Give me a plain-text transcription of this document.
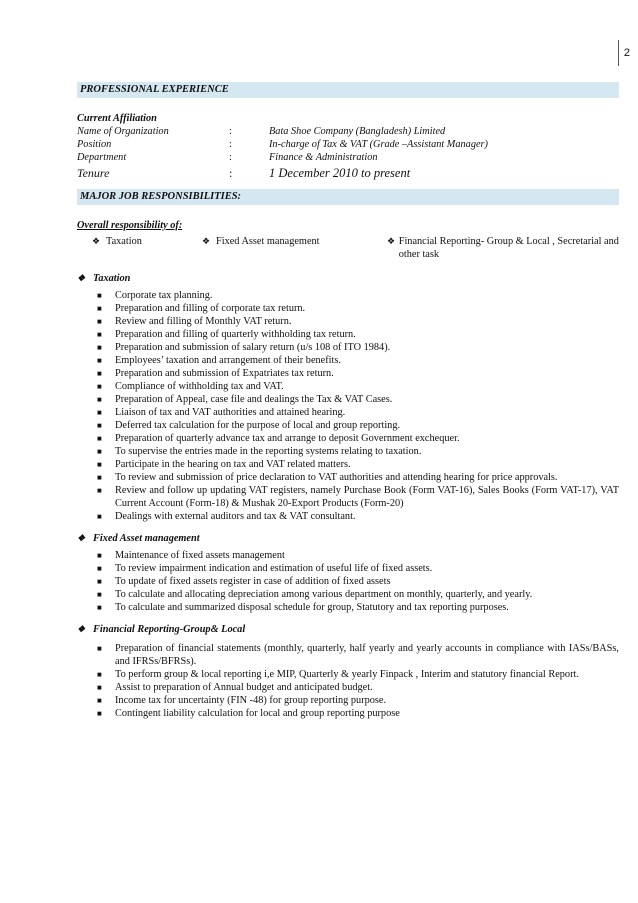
2
PROFESSIONAL EXPERIENCE
Current Affiliation
Name of Organization	:	Bata Shoe Company (Bangladesh) Limited
Position	:	In-charge of Tax & VAT (Grade –Assistant Manager)
Department	:	Finance & Administration
Tenure	:	1 December 2010 to present
MAJOR JOB RESPONSIBILITIES:
Overall responsibility of:
❖ Taxation	❖ Fixed Asset management	❖ Financial Reporting- Group & Local , Secretarial and other task
❖ Taxation
■	Corporate tax planning.
■	Preparation and filling of corporate tax return.
■	Review and filling of Monthly VAT return.
■	Preparation and filling of quarterly withholding tax return.
■	Preparation and submission of salary return (u/s 108 of ITO 1984).
■	Employees’ taxation and arrangement of their benefits.
■	Preparation and submission of Expatriates tax return.
■	Compliance of withholding tax and VAT.
■	Preparation of Appeal, case file and dealings the Tax & VAT Cases.
■	Liaison of tax and VAT authorities and attained hearing.
■	Deferred tax calculation for the purpose of local and group reporting.
■	Preparation of quarterly advance tax and arrange to deposit Government exchequer.
■	To supervise the entries made in the reporting systems relating to taxation.
■	Participate in the hearing on tax and VAT related matters.
■	To review and submission of price declaration to VAT authorities and attending hearing for price approvals.
■	Review and follow up updating VAT registers, namely Purchase Book (Form VAT-16), Sales Books (Form VAT-17), VAT Current Account (Form-18) & Mushak 20-Export Products (Form-20)
■	Dealings with external auditors and tax & VAT consultant.
❖ Fixed Asset management
■	Maintenance of fixed assets management
■	To review impairment indication and estimation of useful life of fixed assets.
■	To update of fixed assets register in case of addition of fixed assets
■	To calculate and allocating depreciation among various department on monthly, quarterly, and yearly.
■	To calculate and summarized disposal schedule for group, Statutory and tax reporting purposes.
❖ Financial Reporting-Group& Local
■	Preparation of financial statements (monthly, quarterly, half yearly and yearly accounts in compliance with IASs/BASs, and IFRSs/BFRSs).
■	To perform group & local reporting i,e MIP, Quarterly & yearly Finpack , Interim and statutory financial Report.
■	Assist to preparation of Annual budget and anticipated budget.
■	Income tax for uncertainty (FIN -48) for group reporting purpose.
■	Contingent liability calculation for local and group reporting purpose
